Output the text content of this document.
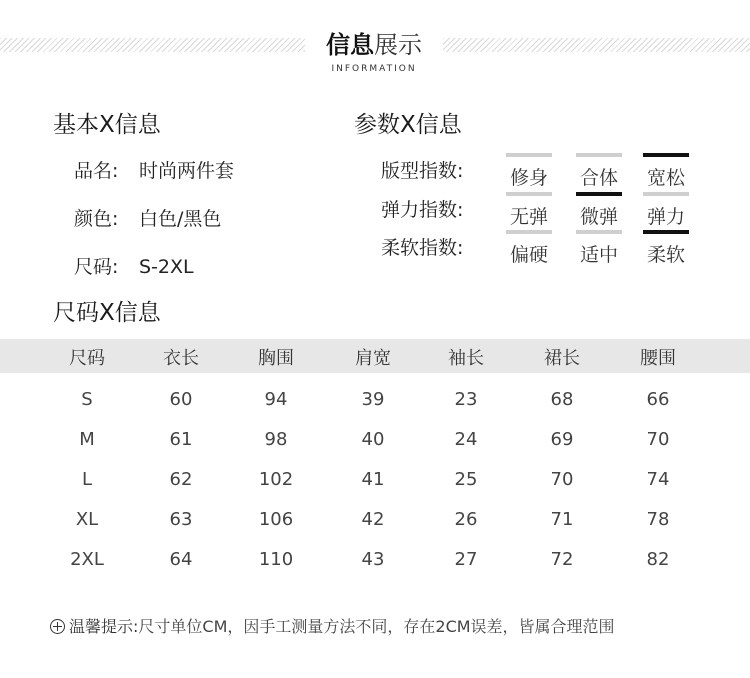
信息展示
INFORMATION
基本X信息
品名: 时尚两件套
颜色: 白色/黑色
尺码: S-2XL
参数X信息
版型指数: 修身 合体 宽松
弹力指数: 无弹 微弹 弹力
柔软指数: 偏硬 适中 柔软
尺码X信息
尺码	衣长	胸围	肩宽	袖长	裙长	腰围
S	60	94	39	23	68	66
M	61	98	40	24	69	70
L	62	102	41	25	70	74
XL	63	106	42	26	71	78
2XL	64	110	43	27	72	82
温馨提示:尺寸单位CM，因手工测量方法不同，存在2CM误差，皆属合理范围
